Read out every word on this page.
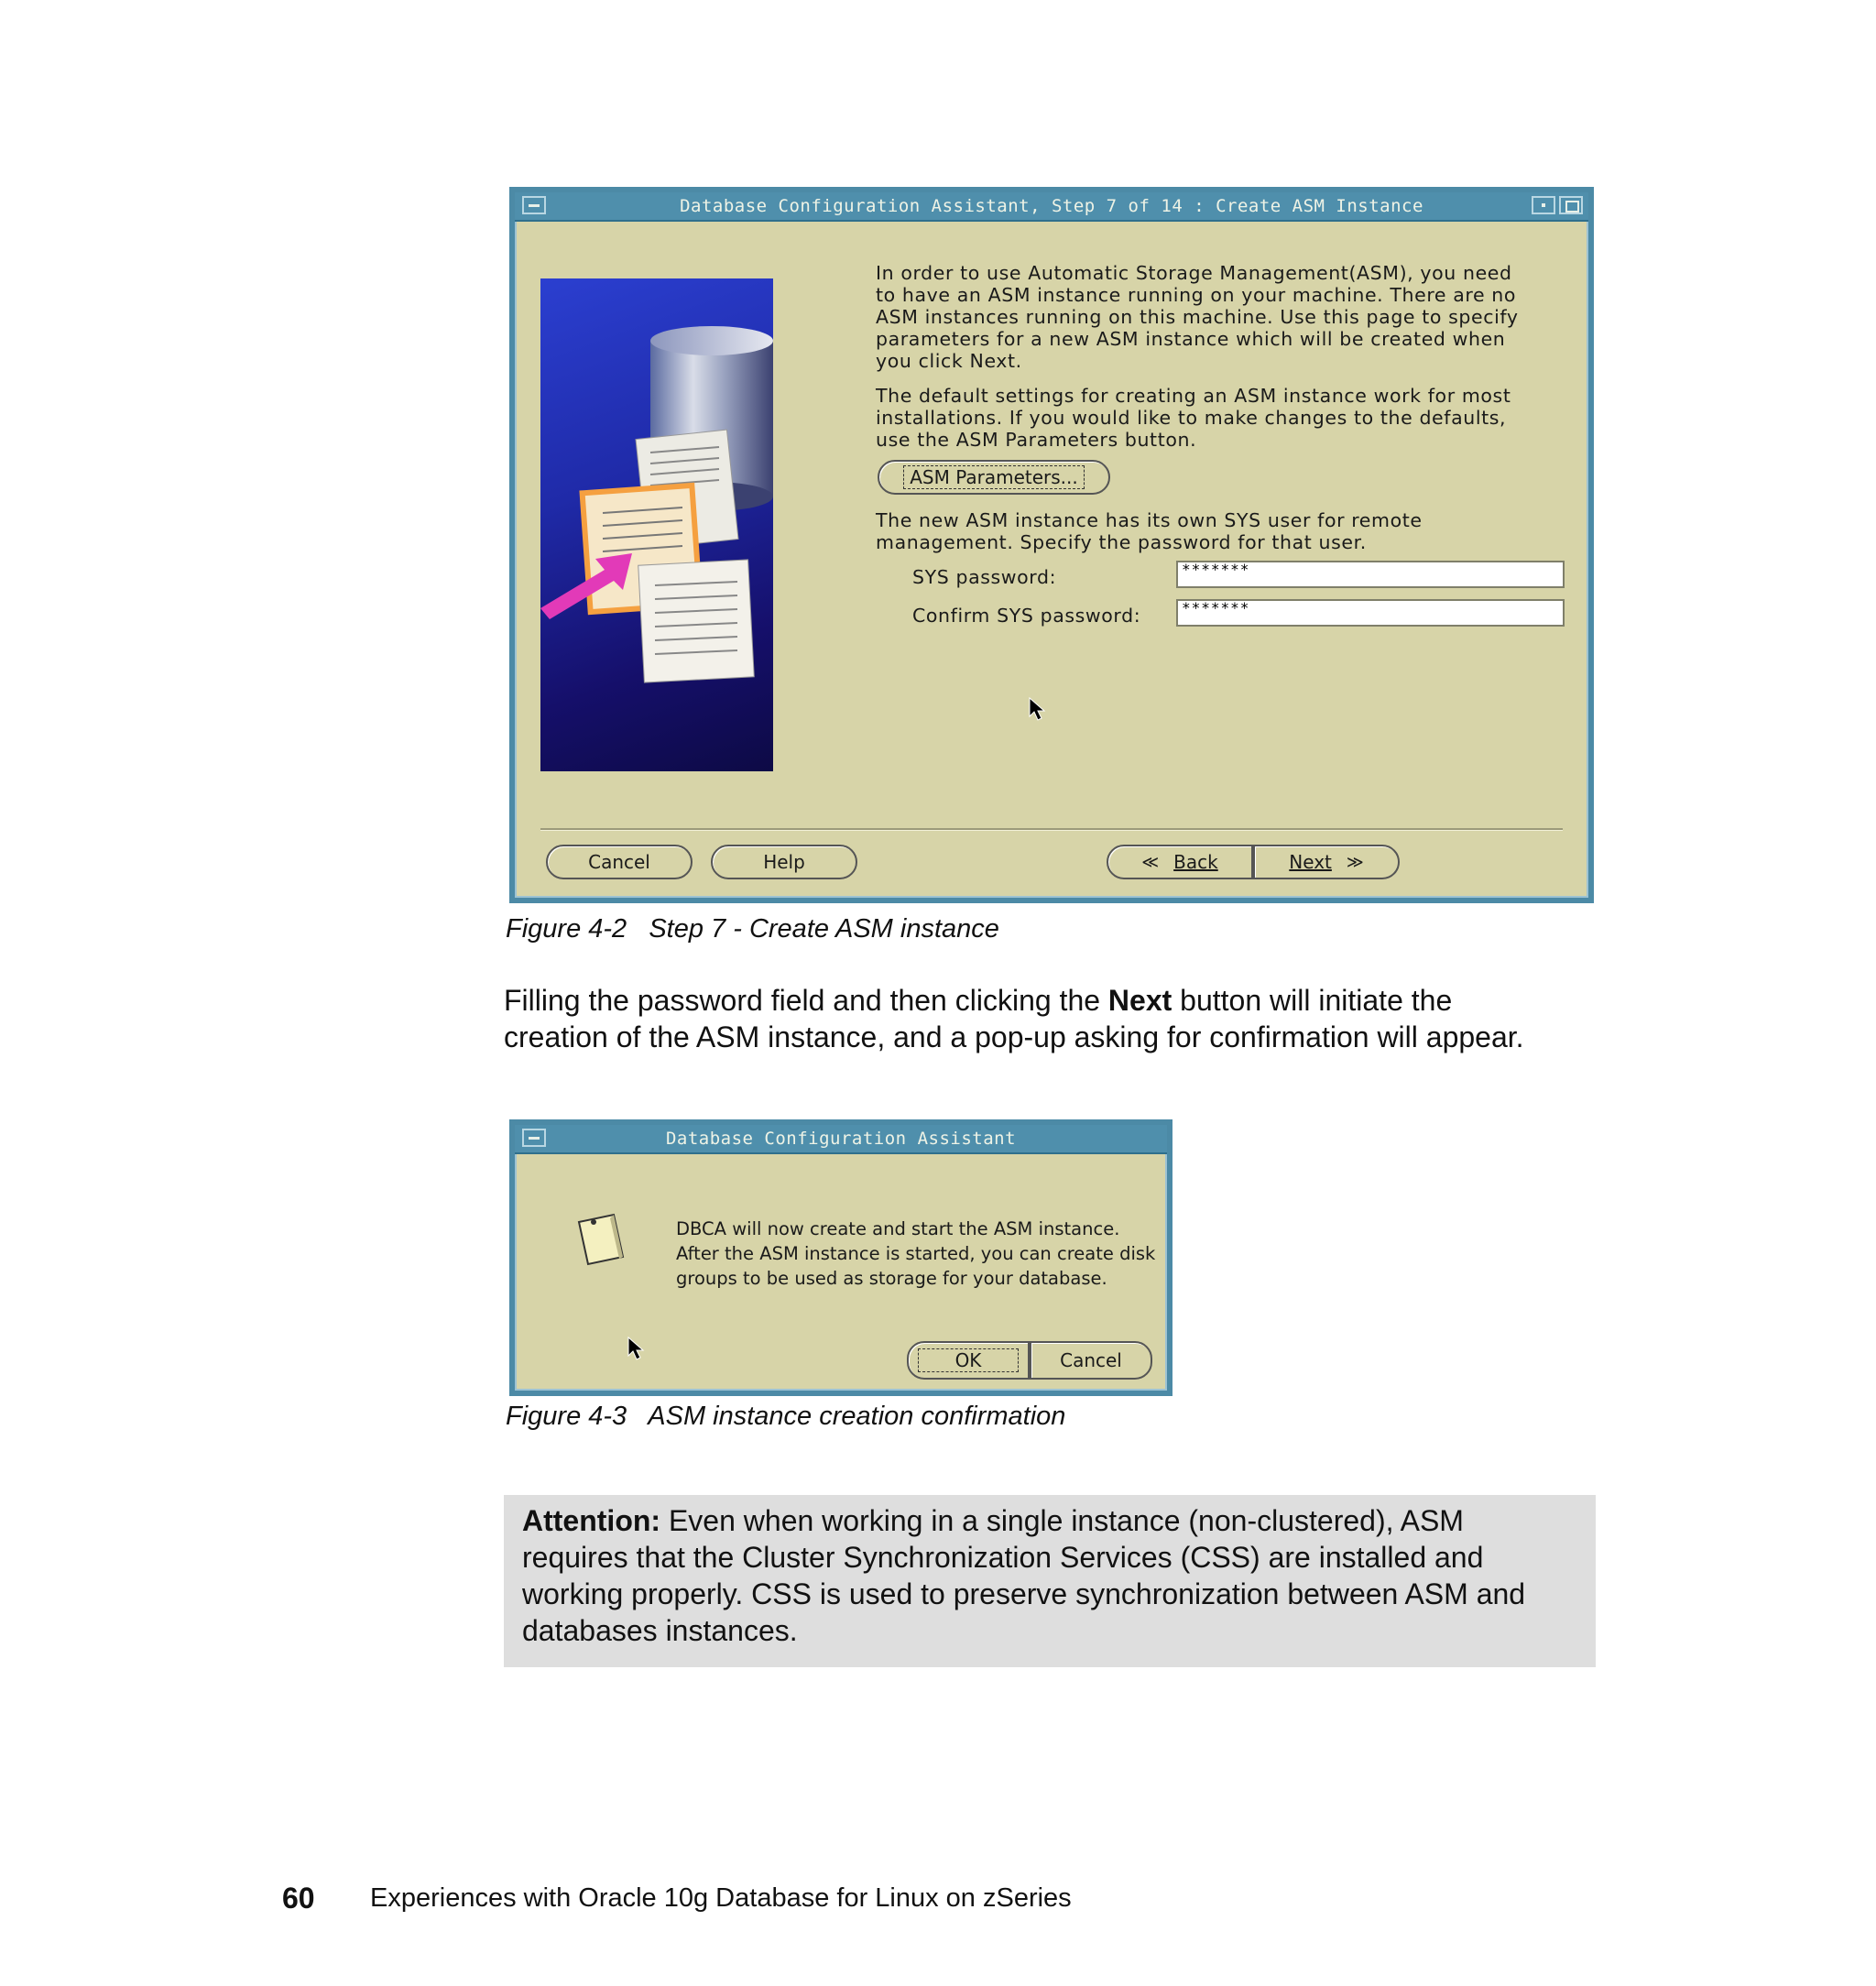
Database Configuration Assistant, Step 7 of 14 : Create ASM Instance
In order to use Automatic Storage Management(ASM), you need
to have an ASM instance running on your machine. There are no
ASM instances running on this machine. Use this page to specify
parameters for a new ASM instance which will be created when
you click Next.
The default settings for creating an ASM instance work for most
installations. If you would like to make changes to the defaults,
use the ASM Parameters button.
ASM Parameters...
The new ASM instance has its own SYS user for remote
management. Specify the password for that user.
SYS password:	*******
Confirm SYS password:	*******
Cancel	Help	≪ Back	Next ≫
Figure 4-2   Step 7 - Create ASM instance
Filling the password field and then clicking the Next button will initiate the
creation of the ASM instance, and a pop-up asking for confirmation will appear.
Database Configuration Assistant
DBCA will now create and start the ASM instance.
After the ASM instance is started, you can create disk
groups to be used as storage for your database.
OK	Cancel
Figure 4-3   ASM instance creation confirmation
Attention: Even when working in a single instance (non-clustered), ASM
requires that the Cluster Synchronization Services (CSS) are installed and
working properly. CSS is used to preserve synchronization between ASM and
databases instances.
60 Experiences with Oracle 10g Database for Linux on zSeries
